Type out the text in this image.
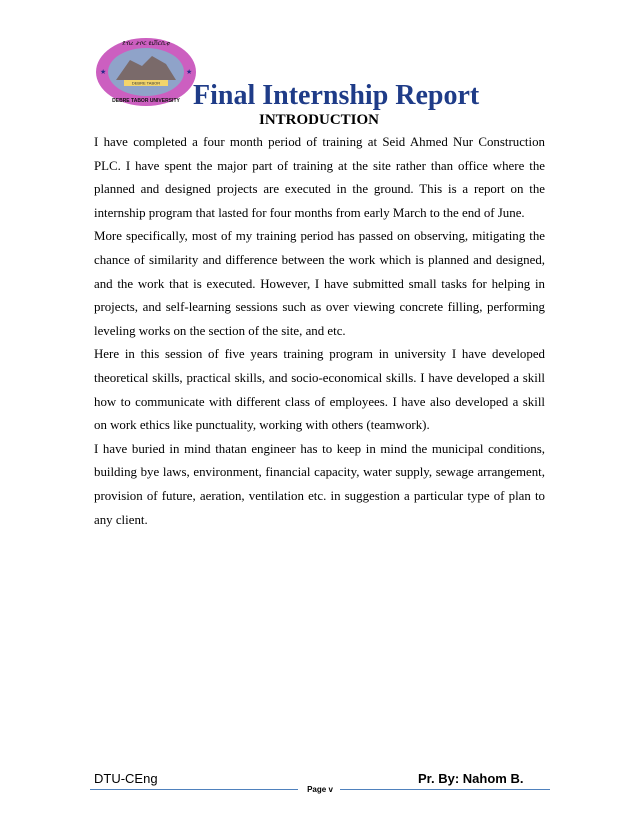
DEBRE TABOR
ደብረ ታቦር ዩኒቨርሲቲ
DEBRE TABOR UNIVERSITY
★	★
Final Internship Report
INTRODUCTION

I have completed a four month period of training at Seid Ahmed Nur Construction PLC. I have spent the major part of training at the site rather than office where the planned and designed projects are executed in the ground. This is a report on the internship program that lasted for four months from early March to the end of June.

More specifically, most of my training period has passed on observing, mitigating the chance of similarity and difference between the work which is planned and designed, and the work that is executed. However, I have submitted small tasks for helping in projects, and self-learning sessions such as over viewing concrete filling, performing leveling works on the section of the site, and etc.

Here in this session of five years training program in university I have developed theoretical skills, practical skills, and socio-economical skills. I have developed a skill how to communicate with different class of employees. I have also developed a skill on work ethics like punctuality, working with others (teamwork).

I have buried in mind thatan engineer has to keep in mind the municipal conditions, building bye laws, environment, financial capacity, water supply, sewage arrangement, provision of future, aeration, ventilation etc. in suggestion a particular type of plan to any client.

DTU-CEng	Pr. By: Nahom B.
Page v
